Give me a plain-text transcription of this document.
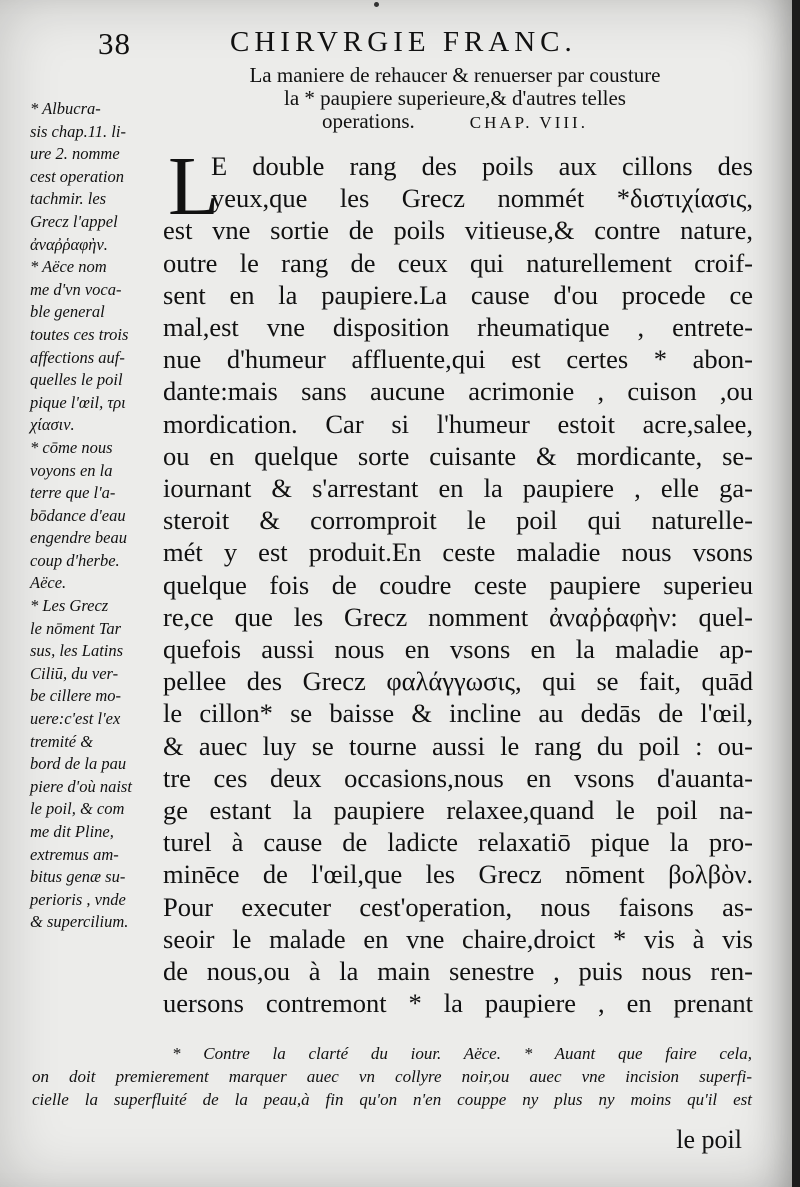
38	CHIRVRGIE FRANC.
La maniere de rehaucer & renuerser par cousture
la * paupiere superieure,& d'autres telles
operations.	CHAP. VIII.
* Albucra-
sis chap.11. li-
ure 2. nomme
cest operation
tachmir. les
Grecz l'appel
ἀναῤῥαφὴν.
* Aëce nom
me d'vn voca-
ble general
toutes ces trois
affections auf-
quelles le poil
pique l'œil, τρι
χίασιν.
* cōme nous
voyons en la
terre que l'a-
bōdance d'eau
engendre beau
coup d'herbe.
Aëce.
* Les Grecz
le nōment Tar
sus, les Latins
Ciliū, du ver-
be cillere mo-
uere:c'est l'ex
tremité &
bord de la pau
piere d'où naist
le poil, & com
me dit Pline,
extremus am-
bitus genæ su-
perioris , vnde
& supercilium.
L
E double rang des poils aux cillons des
yeux,que les Grecz nommét *διστιχίασις,
est vne sortie de poils vitieuse,& contre nature,
outre le rang de ceux qui naturellement croif-
sent en la paupiere.La cause d'ou procede ce
mal,est vne disposition rheumatique , entrete-
nue d'humeur affluente,qui est certes * abon-
dante:mais sans aucune acrimonie , cuison ,ou
mordication. Car si l'humeur estoit acre,salee,
ou en quelque sorte cuisante & mordicante, se-
iournant & s'arrestant en la paupiere , elle ga-
steroit & corromproit le poil qui naturelle-
mét y est produit.En ceste maladie nous vsons
quelque fois de coudre ceste paupiere superieu
re,ce que les Grecz nomment ἀναῤῥαφὴν: quel-
quefois aussi nous en vsons en la maladie ap-
pellee des Grecz φαλάγγωσις, qui se fait, quād
le cillon* se baisse & incline au dedās de l'œil,
& auec luy se tourne aussi le rang du poil : ou-
tre ces deux occasions,nous en vsons d'auanta-
ge estant la paupiere relaxee,quand le poil na-
turel à cause de ladicte relaxatiō pique la pro-
minēce de l'œil,que les Grecz nōment βολβὸν.
Pour executer cest'operation, nous faisons as-
seoir le malade en vne chaire,droict * vis à vis
de nous,ou à la main senestre , puis nous ren-
uersons contremont * la paupiere , en prenant
* Contre la clarté du iour. Aëce. * Auant que faire cela,
on doit premierement marquer auec vn collyre noir,ou auec vne incision superfi-
cielle la superfluité de la peau,à fin qu'on n'en couppe ny plus ny moins qu'il est
le poil
